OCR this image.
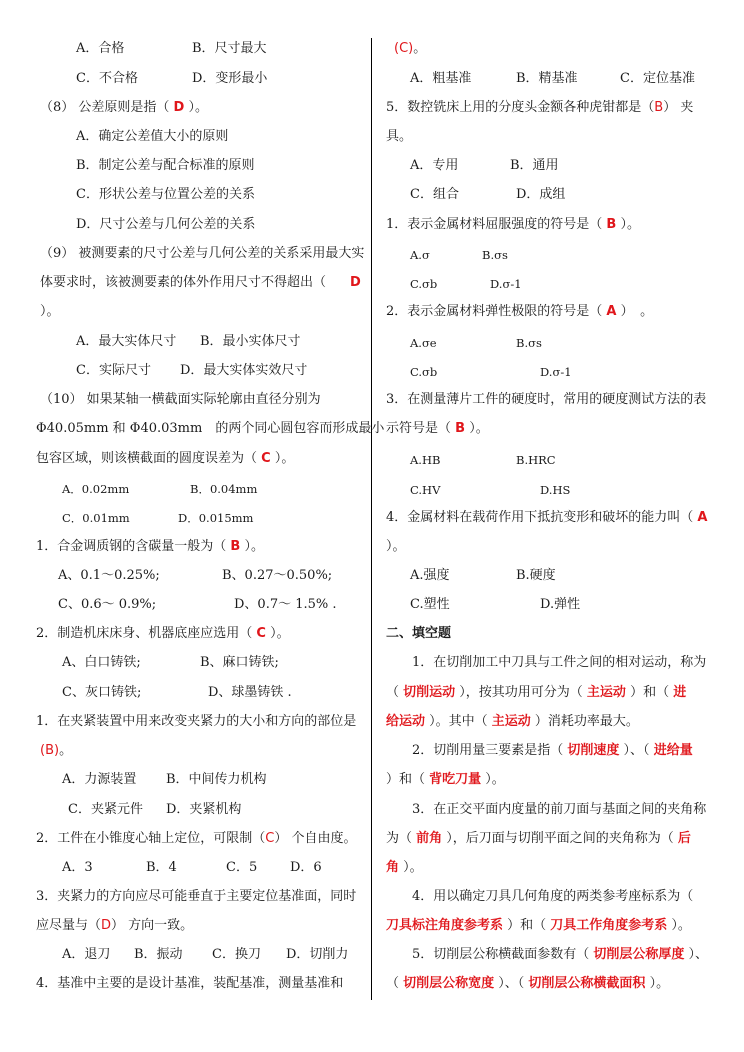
A．合格	B．尺寸最大
C．不合格	D．变形最小
（8） 公差原则是指（ D ）。
A．确定公差值大小的原则
B．制定公差与配合标准的原则
C．形状公差与位置公差的关系
D．尺寸公差与几何公差的关系
（9） 被测要素的尺寸公差与几何公差的关系采用最大实
体要求时，该被测要素的体外作用尺寸不得超出（ D
）。
A．最大实体尺寸 B．最小实体尺寸
C．实际尺寸 D．最大实体实效尺寸
（10） 如果某轴一横截面实际轮廓由直径分别为
Φ40.05mm 和 Φ40.03mm　的两个同心圆包容而形成最小
包容区域，则该横截面的圆度误差为（ C ）。
A．0.02mm	B．0.04mm
C．0.01mm	D．0.015mm
1．合金调质钢的含碳量一般为（ B ）。
A、0.1～0.25%;	B、0.27～0.50%;
C、0.6～ 0.9%;	D、0.7～ 1.5% .
2．制造机床床身、机器底座应选用（ C ）。
A、白口铸铁;	B、麻口铸铁;
C、灰口铸铁;	D、球墨铸铁 .
1．在夹紧装置中用来改变夹紧力的大小和方向的部位是
(B)。
A．力源装置 B．中间传力机构
C．夹紧元件 D．夹紧机构
2．工件在小锥度心轴上定位，可限制（C） 个自由度。
A．3	B．4	C．5	D．6
3．夹紧力的方向应尽可能垂直于主要定位基准面，同时
应尽量与（D） 方向一致。
A．退刀 B．振动 C．换刀 D．切削力
4．基准中主要的是设计基准，装配基准，测量基准和
(C)。
A．粗基准	B．精基准	C．定位基准
5．数控铣床上用的分度头金额各种虎钳都是（B） 夹
具。
A．专用	B．通用
C．组合	D．成组
1．表示金属材料屈服强度的符号是（ B ）。
A.σ	B.σs
C.σb	D.σ-1
2．表示金属材料弹性极限的符号是（ A ）　。
A.σe	B.σs
C.σb	D.σ-1
3．在测量薄片工件的硬度时，常用的硬度测试方法的表
示符号是（ B ）。
A.HB	B.HRC
C.HV	D.HS
4．金属材料在载荷作用下抵抗变形和破坏的能力叫（ A
）。
A.强度	B.硬度
C.塑性	D.弹性
二、填空题
1．在切削加工中刀具与工件之间的相对运动，称为
（ 切削运动 ），按其功用可分为（ 主运动 ）和（ 进
给运动 ）。其中（ 主运动 ）消耗功率最大。
2．切削用量三要素是指（ 切削速度 ）、（ 进给量
）和（ 背吃刀量 ）。
3．在正交平面内度量的前刀面与基面之间的夹角称
为（ 前角 ），后刀面与切削平面之间的夹角称为（ 后
角 ）。
4．用以确定刀具几何角度的两类参考座标系为（
刀具标注角度参考系 ）和（ 刀具工作角度参考系 ）。
5．切削层公称横截面参数有（ 切削层公称厚度 ）、
（ 切削层公称宽度 ）、（ 切削层公称横截面积 ）。
